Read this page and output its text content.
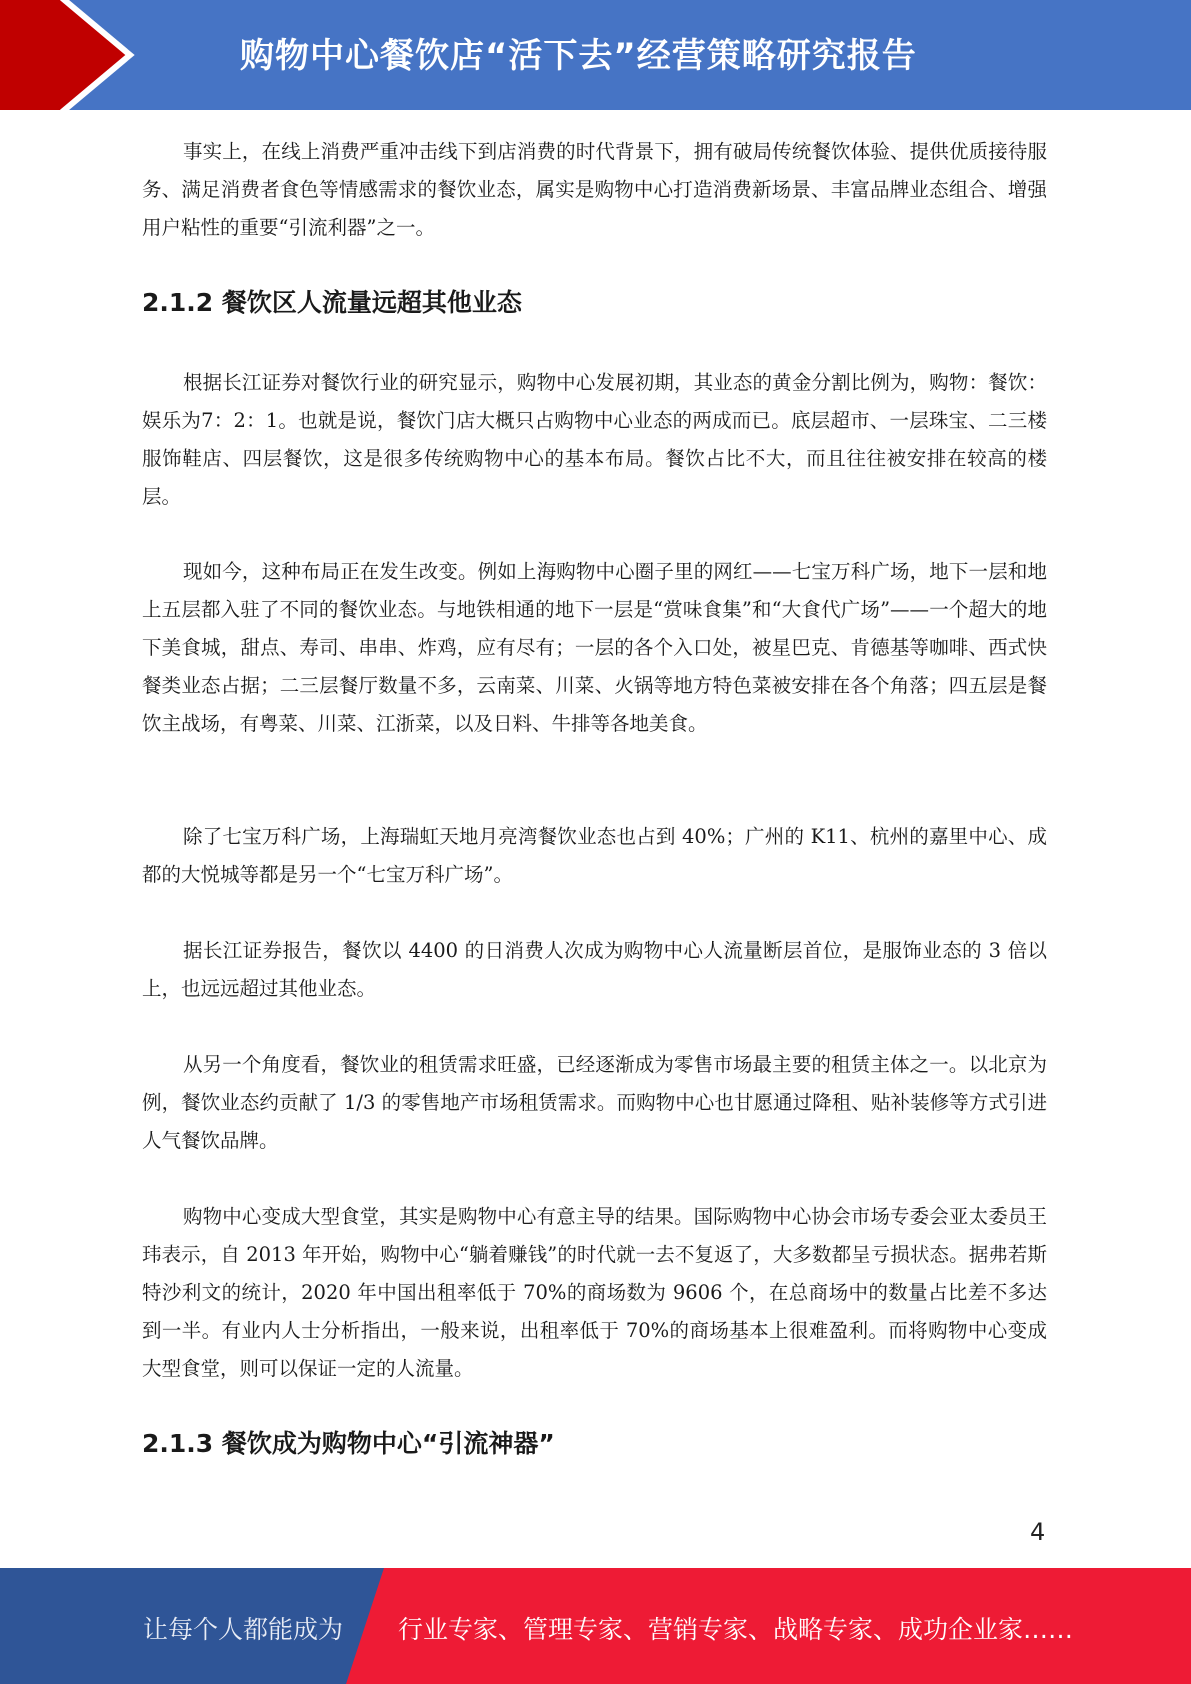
购物中心餐饮店“活下去”经营策略研究报告

事实上，在线上消费严重冲击线下到店消费的时代背景下，拥有破局传统餐饮体验、提供优质接待服务、满足消费者食色等情感需求的餐饮业态，属实是购物中心打造消费新场景、丰富品牌业态组合、增强用户粘性的重要“引流利器”之一。

2.1.2 餐饮区人流量远超其他业态

根据长江证券对餐饮行业的研究显示，购物中心发展初期，其业态的黄金分割比例为，购物：餐饮：娱乐为7：2：1。也就是说，餐饮门店大概只占购物中心业态的两成而已。底层超市、一层珠宝、二三楼服饰鞋店、四层餐饮，这是很多传统购物中心的基本布局。餐饮占比不大，而且往往被安排在较高的楼层。

现如今，这种布局正在发生改变。例如上海购物中心圈子里的网红——七宝万科广场，地下一层和地上五层都入驻了不同的餐饮业态。与地铁相通的地下一层是“赏味食集”和“大食代广场”——一个超大的地下美食城，甜点、寿司、串串、炸鸡，应有尽有；一层的各个入口处，被星巴克、肯德基等咖啡、西式快餐类业态占据；二三层餐厅数量不多，云南菜、川菜、火锅等地方特色菜被安排在各个角落；四五层是餐饮主战场，有粤菜、川菜、江浙菜，以及日料、牛排等各地美食。

除了七宝万科广场，上海瑞虹天地月亮湾餐饮业态也占到 40%；广州的 K11、杭州的嘉里中心、成都的大悦城等都是另一个“七宝万科广场”。

据长江证券报告，餐饮以 4400 的日消费人次成为购物中心人流量断层首位，是服饰业态的 3 倍以上，也远远超过其他业态。

从另一个角度看，餐饮业的租赁需求旺盛，已经逐渐成为零售市场最主要的租赁主体之一。以北京为例，餐饮业态约贡献了 1/3 的零售地产市场租赁需求。而购物中心也甘愿通过降租、贴补装修等方式引进人气餐饮品牌。

购物中心变成大型食堂，其实是购物中心有意主导的结果。国际购物中心协会市场专委会亚太委员王玮表示，自 2013 年开始，购物中心“躺着赚钱”的时代就一去不复返了，大多数都呈亏损状态。据弗若斯特沙利文的统计，2020 年中国出租率低于 70%的商场数为 9606 个，在总商场中的数量占比差不多达到一半。有业内人士分析指出，一般来说，出租率低于 70%的商场基本上很难盈利。而将购物中心变成大型食堂，则可以保证一定的人流量。

2.1.3 餐饮成为购物中心“引流神器”
4
让每个人都能成为 行业专家、管理专家、营销专家、战略专家、成功企业家……
